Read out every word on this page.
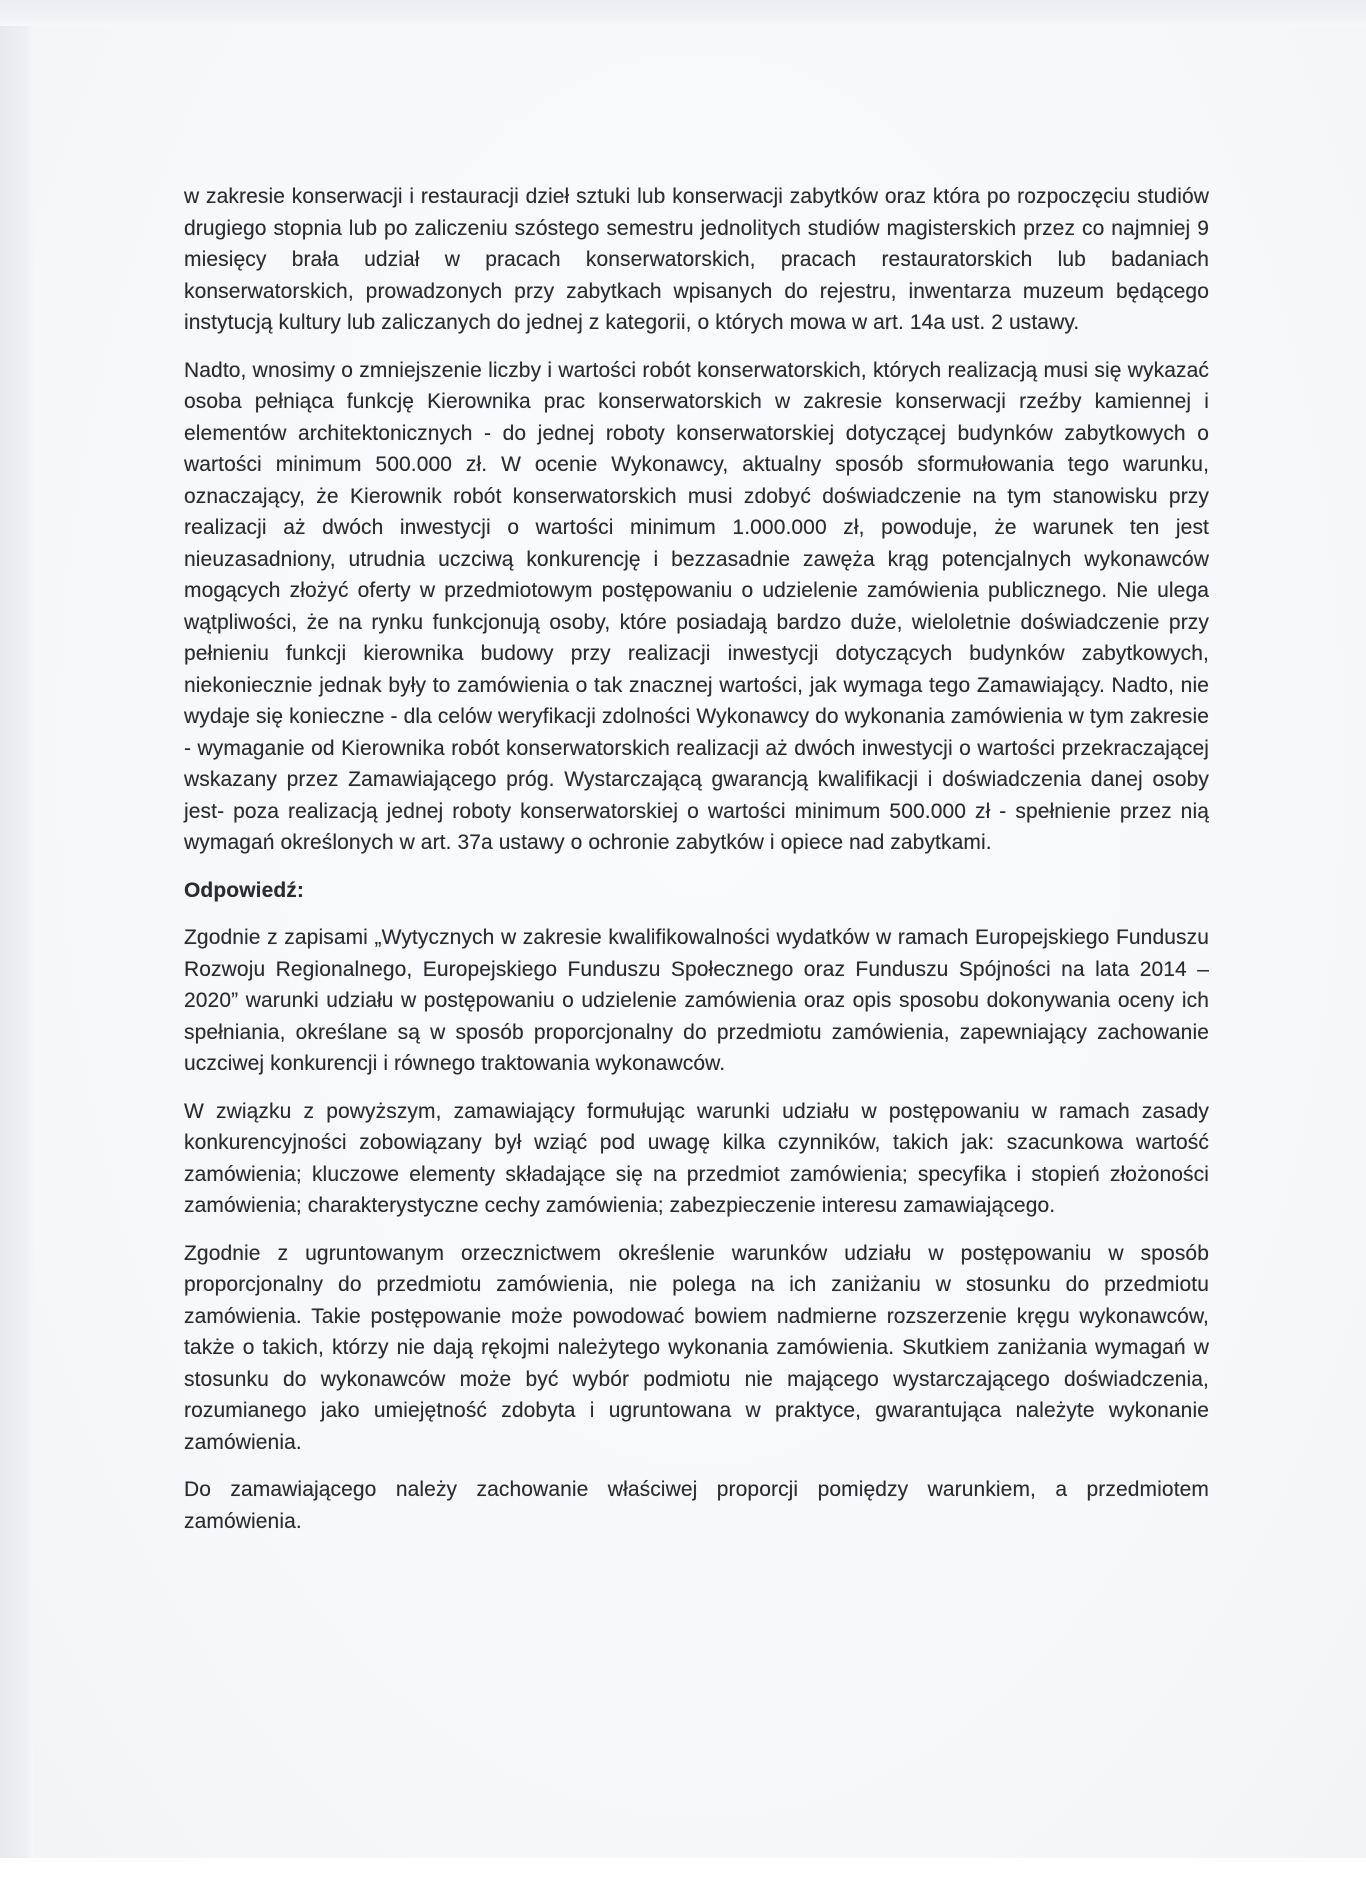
w zakresie konserwacji i restauracji dzieł sztuki lub konserwacji zabytków oraz która po rozpoczęciu studiów drugiego stopnia lub po zaliczeniu szóstego semestru jednolitych studiów magisterskich przez co najmniej 9 miesięcy brała udział w pracach konserwatorskich, pracach restauratorskich lub badaniach konserwatorskich, prowadzonych przy zabytkach wpisanych do rejestru, inwentarza muzeum będącego instytucją kultury lub zaliczanych do jednej z kategorii, o których mowa w art. 14a ust. 2 ustawy.

Nadto, wnosimy o zmniejszenie liczby i wartości robót konserwatorskich, których realizacją musi się wykazać osoba pełniąca funkcję Kierownika prac konserwatorskich w zakresie konserwacji rzeźby kamiennej i elementów architektonicznych - do jednej roboty konserwatorskiej dotyczącej budynków zabytkowych o wartości minimum 500.000 zł. W ocenie Wykonawcy, aktualny sposób sformułowania tego warunku, oznaczający, że Kierownik robót konserwatorskich musi zdobyć doświadczenie na tym stanowisku przy realizacji aż dwóch inwestycji o wartości minimum 1.000.000 zł, powoduje, że warunek ten jest nieuzasadniony, utrudnia uczciwą konkurencję i bezzasadnie zawęża krąg potencjalnych wykonawców mogących złożyć oferty w przedmiotowym postępowaniu o udzielenie zamówienia publicznego. Nie ulega wątpliwości, że na rynku funkcjonują osoby, które posiadają bardzo duże, wieloletnie doświadczenie przy pełnieniu funkcji kierownika budowy przy realizacji inwestycji dotyczących budynków zabytkowych, niekoniecznie jednak były to zamówienia o tak znacznej wartości, jak wymaga tego Zamawiający. Nadto, nie wydaje się konieczne - dla celów weryfikacji zdolności Wykonawcy do wykonania zamówienia w tym zakresie - wymaganie od Kierownika robót konserwatorskich realizacji aż dwóch inwestycji o wartości przekraczającej wskazany przez Zamawiającego próg. Wystarczającą gwarancją kwalifikacji i doświadczenia danej osoby jest- poza realizacją jednej roboty konserwatorskiej o wartości minimum 500.000 zł - spełnienie przez nią wymagań określonych w art. 37a ustawy o ochronie zabytków i opiece nad zabytkami.

Odpowiedź:

Zgodnie z zapisami „Wytycznych w zakresie kwalifikowalności wydatków w ramach Europejskiego Funduszu Rozwoju Regionalnego, Europejskiego Funduszu Społecznego oraz Funduszu Spójności na lata 2014 – 2020” warunki udziału w postępowaniu o udzielenie zamówienia oraz opis sposobu dokonywania oceny ich spełniania, określane są w sposób proporcjonalny do przedmiotu zamówienia, zapewniający zachowanie uczciwej konkurencji i równego traktowania wykonawców.

W związku z powyższym, zamawiający formułując warunki udziału w postępowaniu w ramach zasady konkurencyjności zobowiązany był wziąć pod uwagę kilka czynników, takich jak: szacunkowa wartość zamówienia; kluczowe elementy składające się na przedmiot zamówienia; specyfika i stopień złożoności zamówienia; charakterystyczne cechy zamówienia; zabezpieczenie interesu zamawiającego.

Zgodnie z ugruntowanym orzecznictwem określenie warunków udziału w postępowaniu w sposób proporcjonalny do przedmiotu zamówienia, nie polega na ich zaniżaniu w stosunku do przedmiotu zamówienia. Takie postępowanie może powodować bowiem nadmierne rozszerzenie kręgu wykonawców, także o takich, którzy nie dają rękojmi należytego wykonania zamówienia. Skutkiem zaniżania wymagań w stosunku do wykonawców może być wybór podmiotu nie mającego wystarczającego doświadczenia, rozumianego jako umiejętność zdobyta i ugruntowana w praktyce, gwarantująca należyte wykonanie zamówienia.

Do zamawiającego należy zachowanie właściwej proporcji pomiędzy warunkiem, a przedmiotem zamówienia.
